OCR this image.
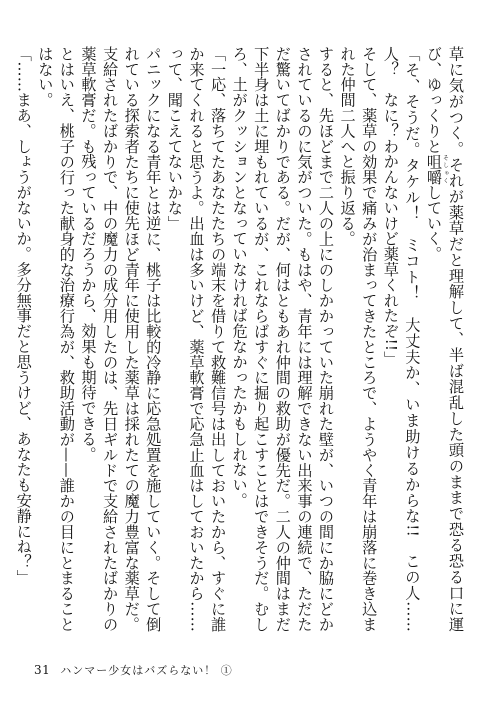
草に気がつく。それが薬草だと理解して、半ば混乱した頭のままで恐る恐る口に運び、ゆっくりと咀嚼そしゃくしていく。

「そ、そうだ。タケル！　ミコト！　大丈夫か、いま助けるからな!!　この人……人？　なに？わかんないけど薬草くれたぞ!!」

そして、薬草の効果で痛みが治まってきたところで、ようやく青年は崩落に巻き込まれた仲間二人へと振り返る。

すると、先ほどまで二人の上にのしかかっていた崩れた壁が、いつの間にか脇にどかされているのに気がついた。もはや、青年には理解できない出来事の連続で、ただただ驚いてばかりである。だが、何はともあれ仲間の救助が優先だ。二人の仲間はまだ下半身は土に埋もれているが、これならばすぐに掘り起こすことはできそうだ。むしろ、土がクッションとなっていなければ危なかったかもしれない。

「一応、落ちてたあなたたちの端末を借りて救難信号は出しておいたから、すぐに誰か来てくれると思うよ。出血は多いけど、薬草軟膏で応急止血はしておいたから……って、聞こえてないかな」

パニックになる青年とは逆に、桃子は比較的冷静に応急処置を施していく。そして倒れている探索者たちに使先ほど青年に使用した薬草は採れたての魔力豊富な薬草だ。支給されたばかりで、中の魔力の成分用したのは、先日ギルドで支給されたばかりの薬草軟膏だ。も残っているだろうから、効果も期待できる。

とはいえ、桃子の行った献身的な治療行為が、救助活動が——誰かの目にとまることはない。

「……まあ、しょうがないか。多分無事だと思うけど、あなたも安静にね？」

31 ハンマー少女はバズらない！ ①
